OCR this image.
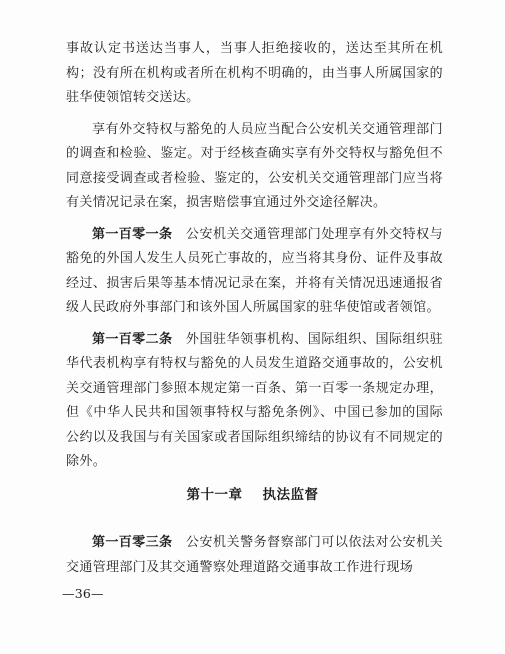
事故认定书送达当事人，当事人拒绝接收的，送达至其所在机构；没有所在机构或者所在机构不明确的，由当事人所属国家的驻华使领馆转交送达。

享有外交特权与豁免的人员应当配合公安机关交通管理部门的调查和检验、鉴定。对于经核查确实享有外交特权与豁免但不同意接受调查或者检验、鉴定的，公安机关交通管理部门应当将有关情况记录在案，损害赔偿事宜通过外交途径解决。

第一百零一条　 公安机关交通管理部门处理享有外交特权与豁免的外国人发生人员死亡事故的，应当将其身份、证件及事故经过、损害后果等基本情况记录在案，并将有关情况迅速通报省级人民政府外事部门和该外国人所属国家的驻华使馆或者领馆。

第一百零二条　 外国驻华领事机构、国际组织、国际组织驻华代表机构享有特权与豁免的人员发生道路交通事故的，公安机关交通管理部门参照本规定第一百条、第一百零一条规定办理，但《中华人民共和国领事特权与豁免条例》、中国已参加的国际公约以及我国与有关国家或者国际组织缔结的协议有不同规定的除外。

第十一章 执法监督

第一百零三条　 公安机关警务督察部门可以依法对公安机关交通管理部门及其交通警察处理道路交通事故工作进行现场

—36—
